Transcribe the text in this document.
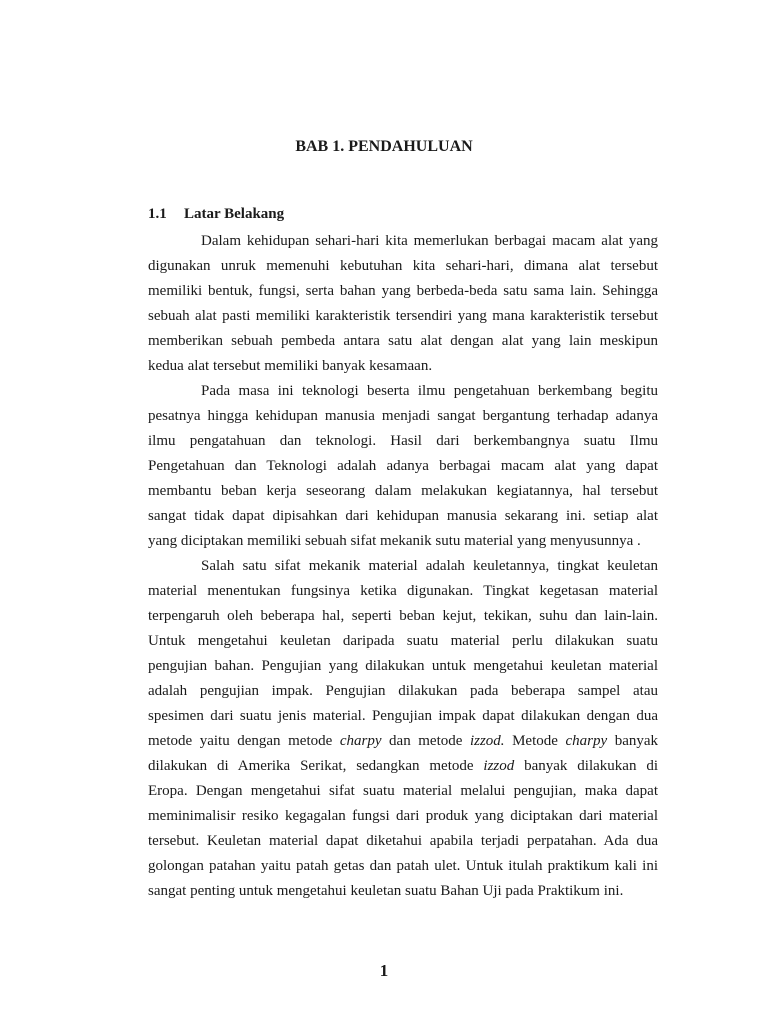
BAB 1. PENDAHULUAN
1.1 Latar Belakang

Dalam kehidupan sehari-hari kita memerlukan berbagai macam alat yang
digunakan unruk memenuhi kebutuhan kita sehari-hari, dimana alat tersebut
memiliki bentuk, fungsi, serta bahan yang berbeda-beda satu sama lain. Sehingga
sebuah alat pasti memiliki karakteristik tersendiri yang mana karakteristik tersebut
memberikan sebuah pembeda antara satu alat dengan alat yang lain meskipun
kedua alat tersebut memiliki banyak kesamaan.

Pada masa ini teknologi beserta ilmu pengetahuan berkembang begitu
pesatnya hingga kehidupan manusia menjadi sangat bergantung terhadap adanya
ilmu pengatahuan dan teknologi. Hasil dari berkembangnya suatu Ilmu
Pengetahuan dan Teknologi adalah adanya berbagai macam alat yang dapat
membantu beban kerja seseorang dalam melakukan kegiatannya, hal tersebut
sangat tidak dapat dipisahkan dari kehidupan manusia sekarang ini. setiap alat
yang diciptakan memiliki sebuah sifat mekanik sutu material yang menyusunnya .

Salah satu sifat mekanik material adalah keuletannya, tingkat keuletan
material menentukan fungsinya ketika digunakan. Tingkat kegetasan material
terpengaruh oleh beberapa hal, seperti beban kejut, tekikan, suhu dan lain-lain.
Untuk mengetahui keuletan daripada suatu material perlu dilakukan suatu
pengujian bahan. Pengujian yang dilakukan untuk mengetahui keuletan material
adalah pengujian impak. Pengujian dilakukan pada beberapa sampel atau
spesimen dari suatu jenis material. Pengujian impak dapat dilakukan dengan dua
metode yaitu dengan metode charpy dan metode izzod. Metode charpy banyak
dilakukan di Amerika Serikat, sedangkan metode izzod banyak dilakukan di
Eropa. Dengan mengetahui sifat suatu material melalui pengujian, maka dapat
meminimalisir resiko kegagalan fungsi dari produk yang diciptakan dari material
tersebut. Keuletan material dapat diketahui apabila terjadi perpatahan. Ada dua
golongan patahan yaitu patah getas dan patah ulet. Untuk itulah praktikum kali ini
sangat penting untuk mengetahui keuletan suatu Bahan Uji pada Praktikum ini.

1
